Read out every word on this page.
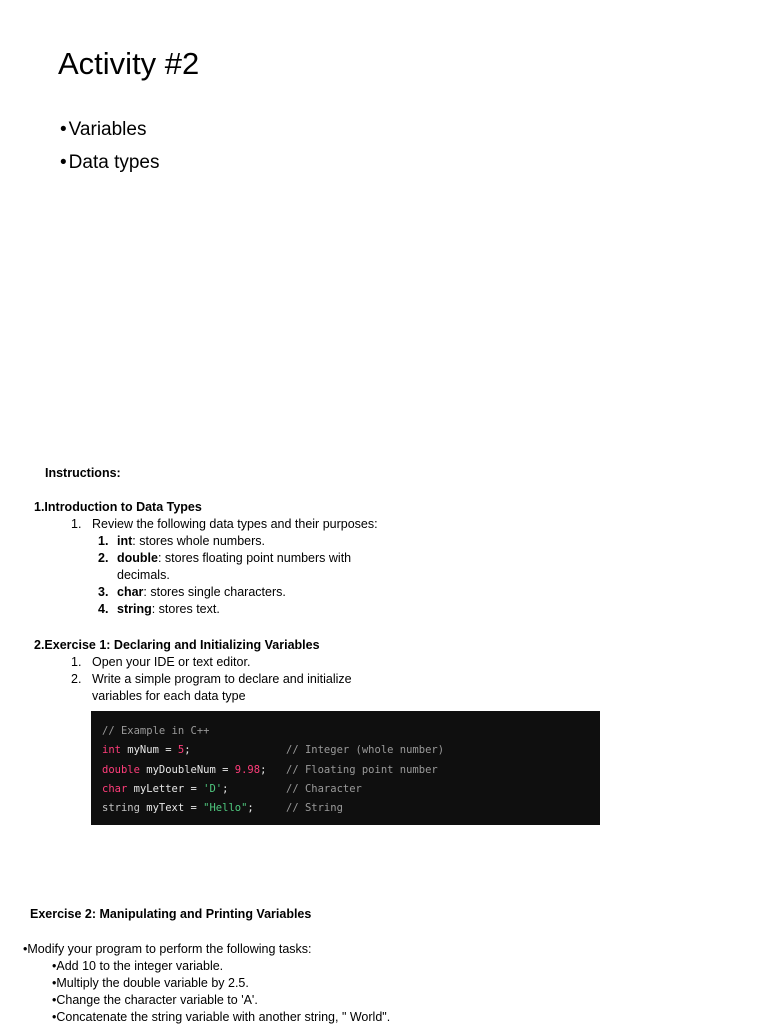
Activity #2
• Variables
• Data types
Instructions:
1.Introduction to Data Types
1. Review the following data types and their purposes:
1. int: stores whole numbers.
2. double: stores floating point numbers with
decimals.
3. char: stores single characters.
4. string: stores text.
2.Exercise 1: Declaring and Initializing Variables
1. Open your IDE or text editor.
2. Write a simple program to declare and initialize
variables for each data type
// Example in C++
int myNum = 5;	// Integer (whole number)
double myDoubleNum = 9.98; // Floating point number
char myLetter = 'D';	// Character
string myText = "Hello";	// String
Exercise 2: Manipulating and Printing Variables
•Modify your program to perform the following tasks:
•Add 10 to the integer variable.
•Multiply the double variable by 2.5.
•Change the character variable to 'A'.
•Concatenate the string variable with another string, " World".
